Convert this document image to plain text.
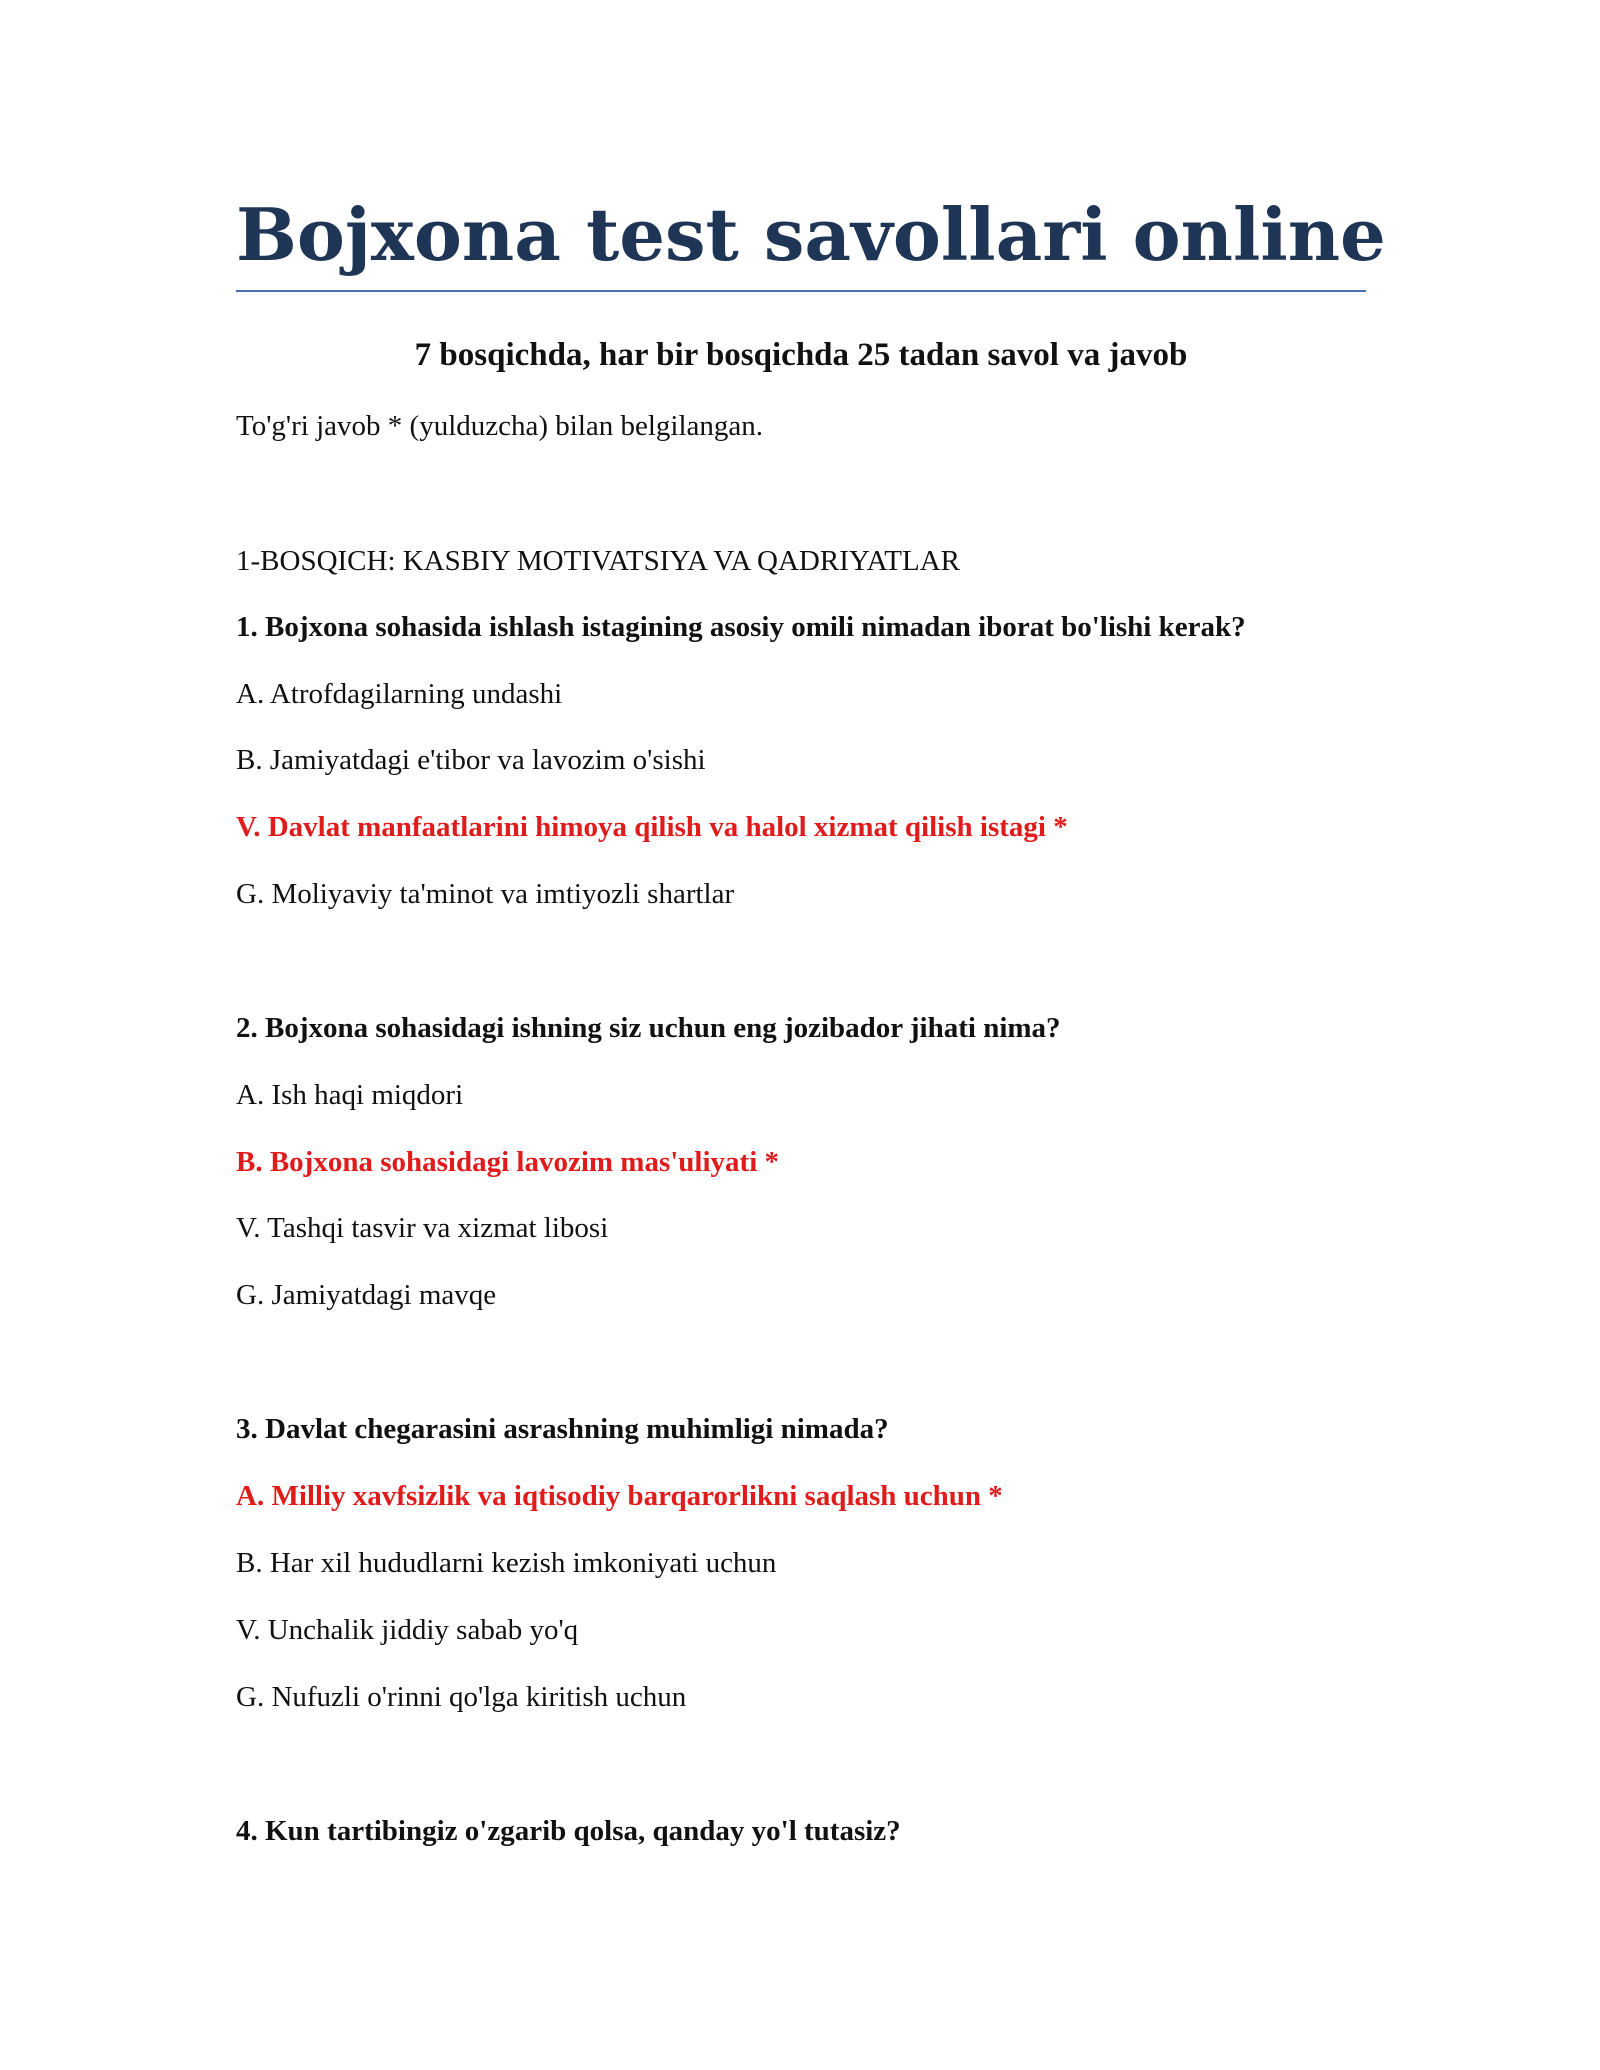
Bojxona test savollari online
7 bosqichda, har bir bosqichda 25 tadan savol va javob

To'g'ri javob * (yulduzcha) bilan belgilangan.

1-BOSQICH: KASBIY MOTIVATSIYA VA QADRIYATLAR

1. Bojxona sohasida ishlash istagining asosiy omili nimadan iborat bo'lishi kerak?

A. Atrofdagilarning undashi

B. Jamiyatdagi e'tibor va lavozim o'sishi

V. Davlat manfaatlarini himoya qilish va halol xizmat qilish istagi *

G. Moliyaviy ta'minot va imtiyozli shartlar

2. Bojxona sohasidagi ishning siz uchun eng jozibador jihati nima?

A. Ish haqi miqdori

B. Bojxona sohasidagi lavozim mas'uliyati *

V. Tashqi tasvir va xizmat libosi

G. Jamiyatdagi mavqe

3. Davlat chegarasini asrashning muhimligi nimada?

A. Milliy xavfsizlik va iqtisodiy barqarorlikni saqlash uchun *

B. Har xil hududlarni kezish imkoniyati uchun

V. Unchalik jiddiy sabab yo'q

G. Nufuzli o'rinni qo'lga kiritish uchun

4. Kun tartibingiz o'zgarib qolsa, qanday yo'l tutasiz?
